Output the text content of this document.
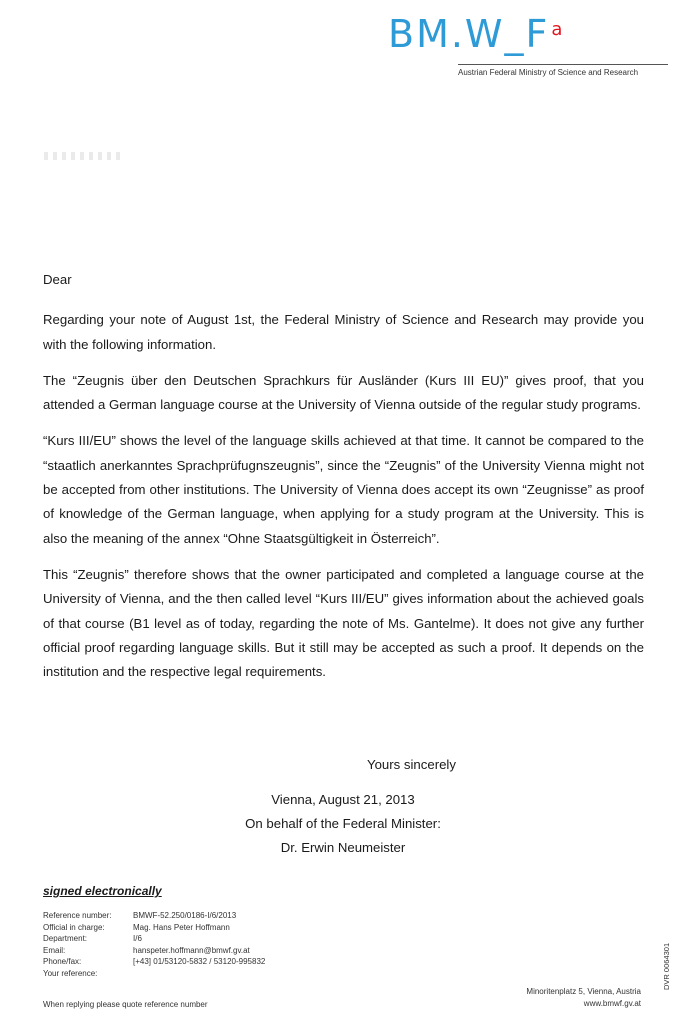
BM.W_F $^a$
Austrian Federal Ministry of Science and Research

Dear

Regarding your note of August 1st, the Federal Ministry of Science and Research may provide you with the following information.

The “Zeugnis über den Deutschen Sprachkurs für Ausländer (Kurs III EU)” gives proof, that you attended a German language course at the University of Vienna outside of the regular study programs.

“Kurs III/EU” shows the level of the language skills achieved at that time. It cannot be compared to the “staatlich anerkanntes Sprachprüfugnszeugnis”, since the “Zeugnis” of the University Vienna might not be accepted from other institutions. The University of Vienna does accept its own “Zeugnisse” as proof of knowledge of the German language, when applying for a study program at the University. This is also the meaning of the annex “Ohne Staatsgültigkeit in Österreich”.

This “Zeugnis” therefore shows that the owner participated and completed a language course at the University of Vienna, and the then called level “Kurs III/EU” gives information about the achieved goals of that course (B1 level as of today, regarding the note of Ms. Gantelme). It does not give any further official proof regarding language skills. But it still may be accepted as such a proof. It depends on the institution and the respective legal requirements.

Yours sincerely
Vienna, August 21, 2013
On behalf of the Federal Minister:
Dr. Erwin Neumeister
signed electronically
Reference number:	BMWF-52.250/0186-I/6/2013
Official in charge:	Mag. Hans Peter Hoffmann
Department:	I/6
Email:	hanspeter.hoffmann@bmwf.gv.at
Phone/fax:	[+43] 01/53120-5832 / 53120-995832
Your reference:
When replying please quote reference number
Minoritenplatz 5, Vienna, Austria
www.bmwf.gv.at
DVR 0064301
